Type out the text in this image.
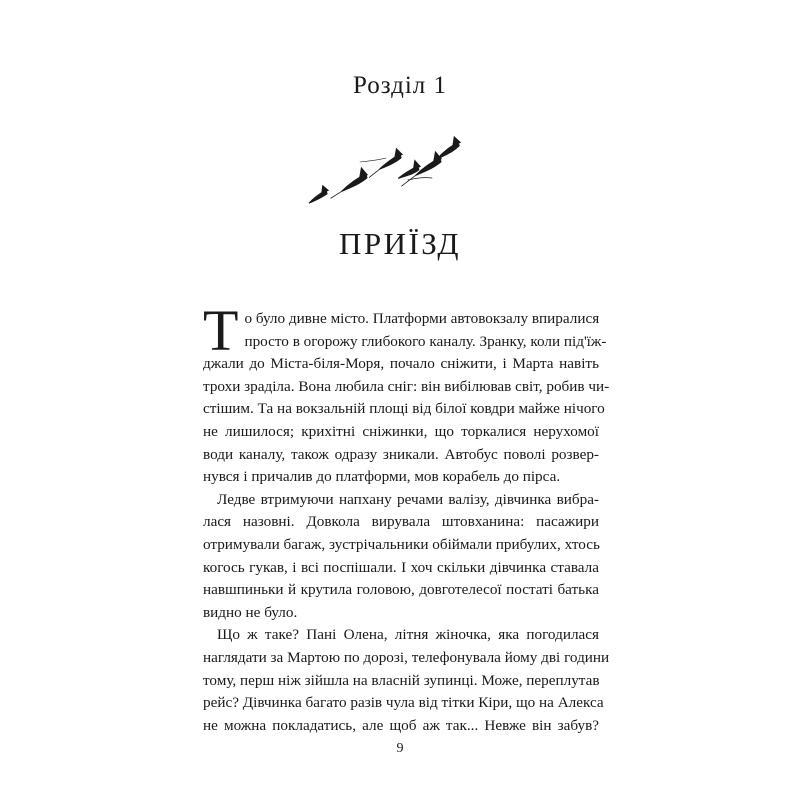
Розділ 1
ПРИЇЗД
Т о було дивне місто. Платформи автовокзалу впиралися
просто в огорожу глибокого каналу. Зранку, коли під'їж-
джали до Міста-біля-Моря, почало сніжити, і Марта навіть
трохи зраділа. Вона любила сніг: він вибілював світ, робив чи-
стішим. Та на вокзальній площі від білої ковдри майже нічого
не лишилося; крихітні сніжинки, що торкалися нерухомої
води каналу, також одразу зникали. Автобус поволі розвер-
нувся і причалив до платформи, мов корабель до пірса.
Ледве втримуючи напхану речами валізу, дівчинка вибра-
лася назовні. Довкола вирувала штовханина: пасажири
отримували багаж, зустрічальники обіймали прибулих, хтось
когось гукав, і всі поспішали. І хоч скільки дівчинка ставала
навшпиньки й крутила головою, довготелесої постаті батька
видно не було.
Що ж таке? Пані Олена, літня жіночка, яка погодилася
наглядати за Мартою по дорозі, телефонувала йому дві години
тому, перш ніж зійшла на власній зупинці. Може, переплутав
рейс? Дівчинка багато разів чула від тітки Кіри, що на Алекса
не можна покладатись, але щоб аж так... Невже він забув?
9
